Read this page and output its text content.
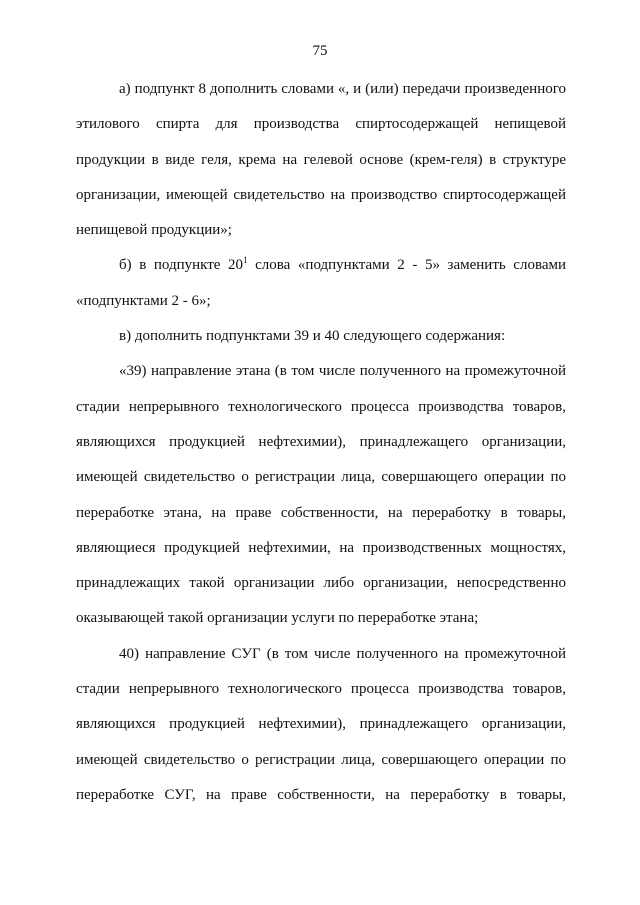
75

а) подпункт 8 дополнить словами «, и (или) передачи произведенного этилового спирта для производства спиртосодержащей непищевой продукции в виде геля, крема на гелевой основе (крем-геля) в структуре организации, имеющей свидетельство на производство спиртосодержащей непищевой продукции»;

б) в подпункте $20^1$ слова «подпунктами 2 - 5» заменить словами «подпунктами 2 - 6»;

в) дополнить подпунктами 39 и 40 следующего содержания:

«39) направление этана (в том числе полученного на промежуточной стадии непрерывного технологического процесса производства товаров, являющихся продукцией нефтехимии), принадлежащего организации, имеющей свидетельство о регистрации лица, совершающего операции по переработке этана, на праве собственности, на переработку в товары, являющиеся продукцией нефтехимии, на производственных мощностях, принадлежащих такой организации либо организации, непосредственно оказывающей такой организации услуги по переработке этана;

40) направление СУГ (в том числе полученного на промежуточной стадии непрерывного технологического процесса производства товаров, являющихся продукцией нефтехимии), принадлежащего организации, имеющей свидетельство о регистрации лица, совершающего операции по переработке СУГ, на праве собственности, на переработку в товары,
